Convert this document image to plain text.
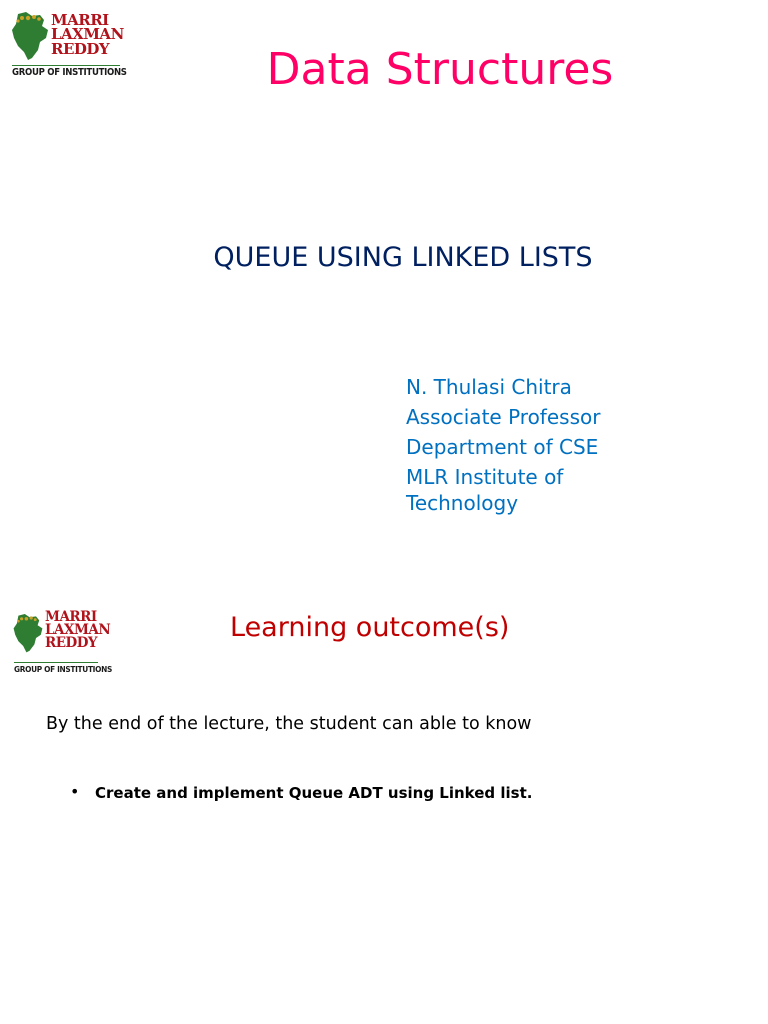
MARRI
LAXMAN
REDDY
GROUP OF INSTITUTIONS	Data Structures
QUEUE USING LINKED LISTS
N. Thulasi Chitra
Associate Professor
Department of CSE
MLR Institute of Technology
MARRI
LAXMAN
REDDY
GROUP OF INSTITUTIONS
Learning outcome(s)
By the end of the lecture, the student can able to know
• Create and implement Queue ADT using Linked list.
